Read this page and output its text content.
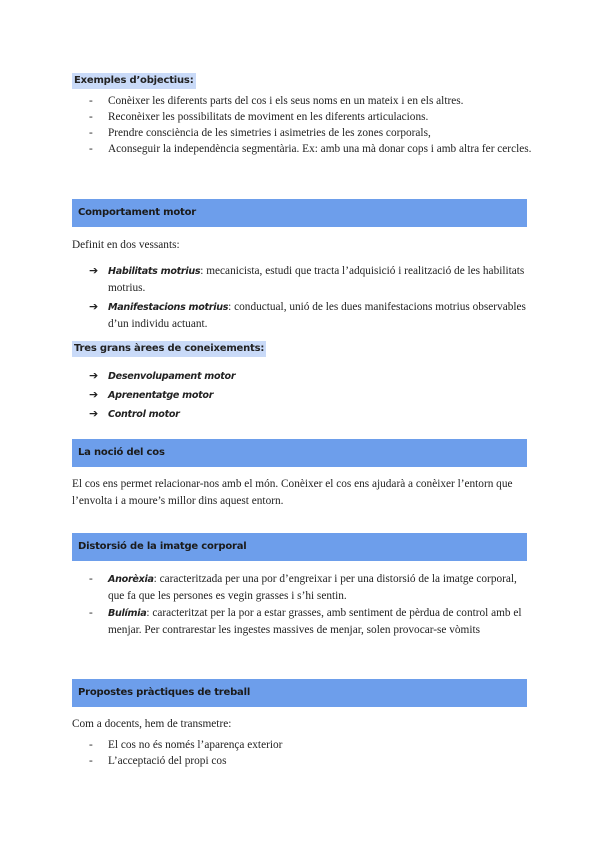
Exemples d’objectius:
- Conèixer les diferents parts del cos i els seus noms en un mateix i en els altres.
- Reconèixer les possibilitats de moviment en les diferents articulacions.
- Prendre consciència de les simetries i asimetries de les zones corporals,
- Aconseguir la independència segmentària. Ex: amb una mà donar cops i amb altra fer cercles.
Comportament motor
Definit en dos vessants:
➔ Habilitats motrius: mecanicista, estudi que tracta l’adquisició i realització de les habilitats motrius.
➔ Manifestacions motrius: conductual, unió de les dues manifestacions motrius observables d’un individu actuant.
Tres grans àrees de coneixements:
➔ Desenvolupament motor
➔ Aprenentatge motor
➔ Control motor
La noció del cos
El cos ens permet relacionar-nos amb el món. Conèixer el cos ens ajudarà a conèixer l’entorn que l’envolta i a moure’s millor dins aquest entorn.
Distorsió de la imatge corporal
- Anorèxia: caracteritzada per una por d’engreixar i per una distorsió de la imatge corporal, que fa que les persones es vegin grasses i s’hi sentin.
- Bulímia: caracteritzat per la por a estar grasses, amb sentiment de pèrdua de control amb el menjar. Per contrarestar les ingestes massives de menjar, solen provocar-se vòmits
Propostes pràctiques de treball
Com a docents, hem de transmetre:
- El cos no és només l’aparença exterior
- L’acceptació del propi cos
